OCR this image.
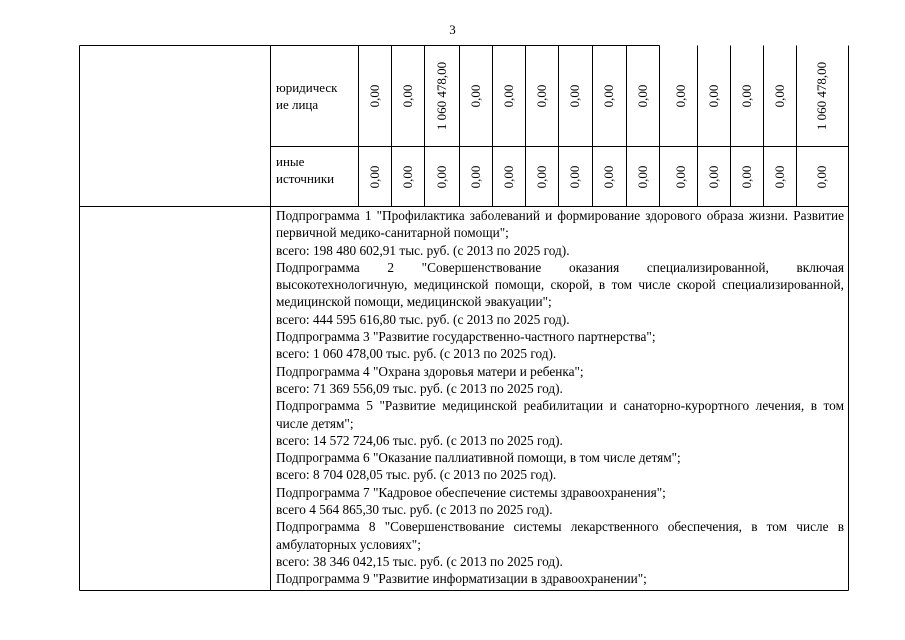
3
юридическ
ие лица	0,00 0,00 1 060 478,00 0,00 0,00 0,00 0,00 0,00 0,00 0,00 0,00 0,00 0,00 1 060 478,00
иные
источники 0,00 0,00 0,00 0,00 0,00 0,00 0,00 0,00 0,00 0,00 0,00 0,00 0,00 0,00

Подпрограмма 1 "Профилактика заболеваний и формирование здорового образа жизни. Развитие первичной медико-санитарной помощи";

всего: 198 480 602,91 тыс. руб. (с 2013 по 2025 год).

Подпрограмма 2 "Совершенствование оказания специализированной, включая высокотехнологичную, медицинской помощи, скорой, в том числе скорой специализированной, медицинской помощи, медицинской эвакуации";

всего: 444 595 616,80 тыс. руб. (с 2013 по 2025 год).

Подпрограмма 3 "Развитие государственно-частного партнерства";

всего: 1 060 478,00 тыс. руб. (с 2013 по 2025 год).

Подпрограмма 4 "Охрана здоровья матери и ребенка";

всего: 71 369 556,09 тыс. руб. (с 2013 по 2025 год).

Подпрограмма 5 "Развитие медицинской реабилитации и санаторно-курортного лечения, в том числе детям";

всего: 14 572 724,06 тыс. руб. (с 2013 по 2025 год).

Подпрограмма 6 "Оказание паллиативной помощи, в том числе детям";

всего: 8 704 028,05 тыс. руб. (с 2013 по 2025 год).

Подпрограмма 7 "Кадровое обеспечение системы здравоохранения";

всего 4 564 865,30 тыс. руб. (с 2013 по 2025 год).

Подпрограмма 8 "Совершенствование системы лекарственного обеспечения, в том числе в амбулаторных условиях";

всего: 38 346 042,15 тыс. руб. (с 2013 по 2025 год).

Подпрограмма 9 "Развитие информатизации в здравоохранении";
